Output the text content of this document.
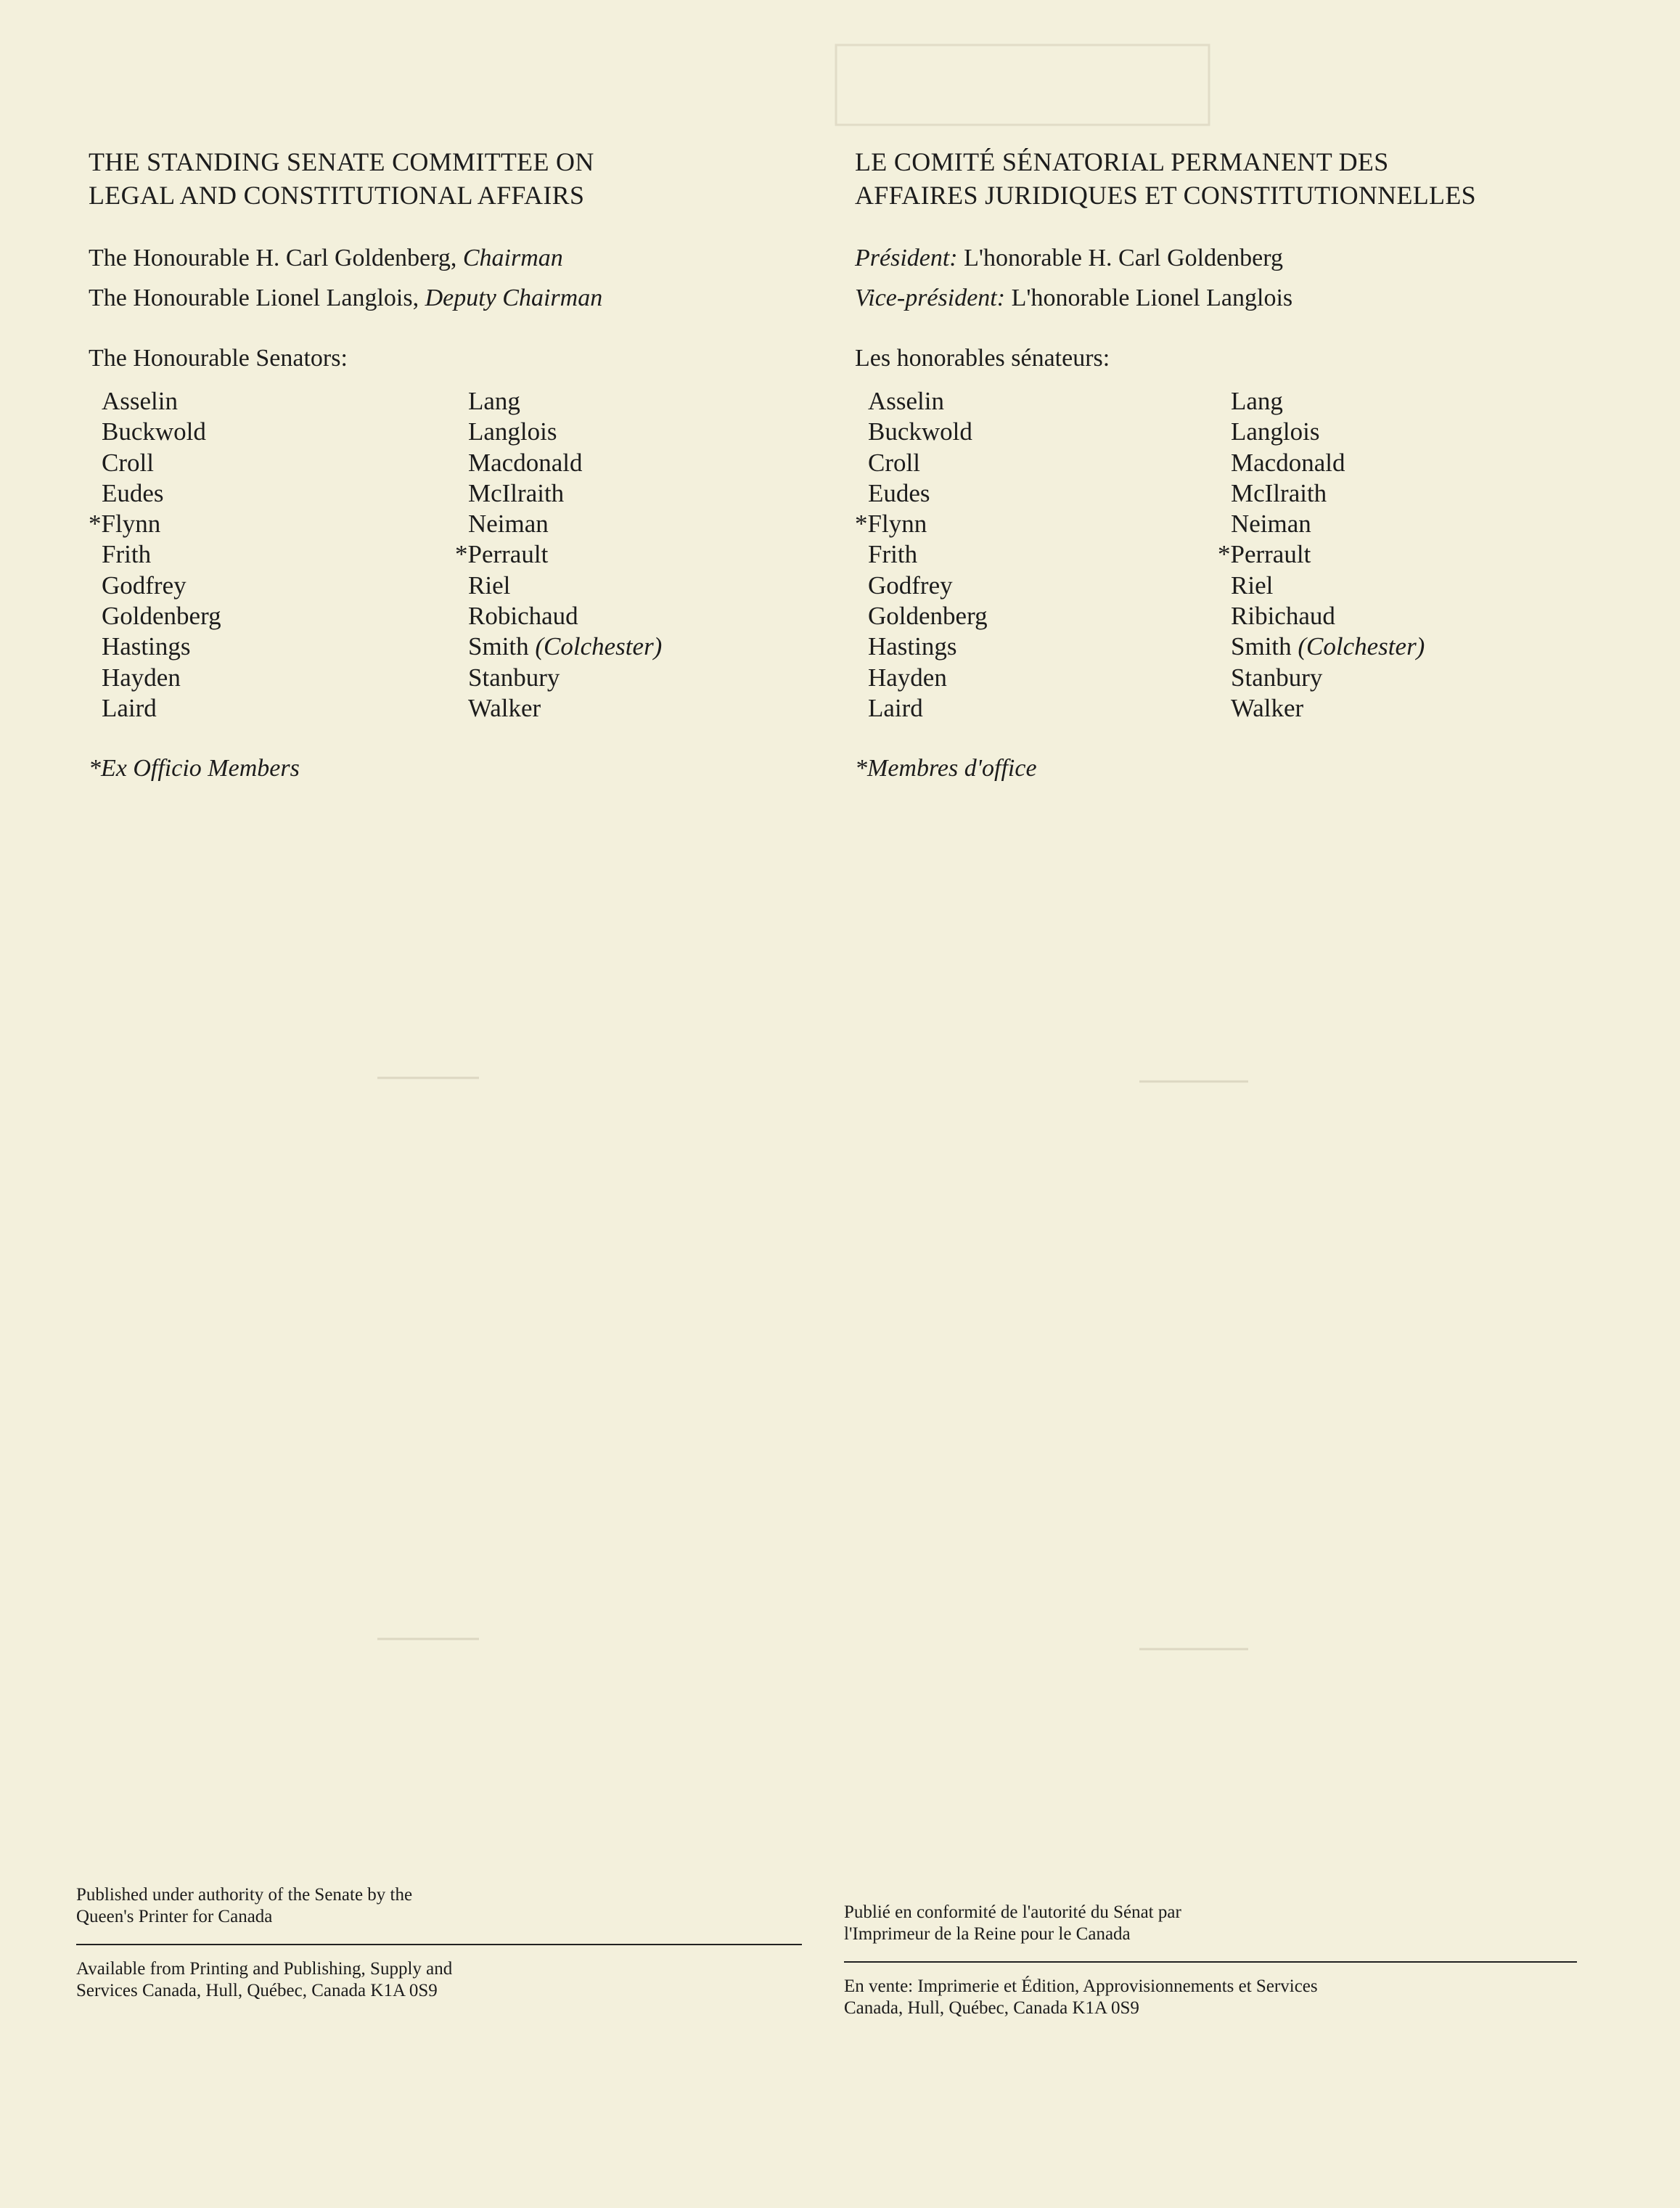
THE STANDING SENATE COMMITTEE ON
LEGAL AND CONSTITUTIONAL AFFAIRS
The Honourable H. Carl Goldenberg, Chairman
The Honourable Lionel Langlois, Deputy Chairman
The Honourable Senators:
Asselin
Buckwold
Croll
Eudes
*Flynn
Frith
Godfrey
Goldenberg
Hastings
Hayden
Laird
Lang
Langlois
Macdonald
McIlraith
Neiman
*Perrault
Riel
Robichaud
Smith (Colchester)
Stanbury
Walker
*Ex Officio Members
LE COMITÉ SÉNATORIAL PERMANENT DES
AFFAIRES JURIDIQUES ET CONSTITUTIONNELLES
Président: L'honorable H. Carl Goldenberg
Vice-président: L'honorable Lionel Langlois
Les honorables sénateurs:
Asselin
Buckwold
Croll
Eudes
*Flynn
Frith
Godfrey
Goldenberg
Hastings
Hayden
Laird
Lang
Langlois
Macdonald
McIlraith
Neiman
*Perrault
Riel
Ribichaud
Smith (Colchester)
Stanbury
Walker
*Membres d'office
Published under authority of the Senate by the
Queen's Printer for Canada
Available from Printing and Publishing, Supply and
Services Canada, Hull, Québec, Canada K1A 0S9
Publié en conformité de l'autorité du Sénat par
l'Imprimeur de la Reine pour le Canada
En vente: Imprimerie et Édition, Approvisionnements et Services
Canada, Hull, Québec, Canada K1A 0S9
